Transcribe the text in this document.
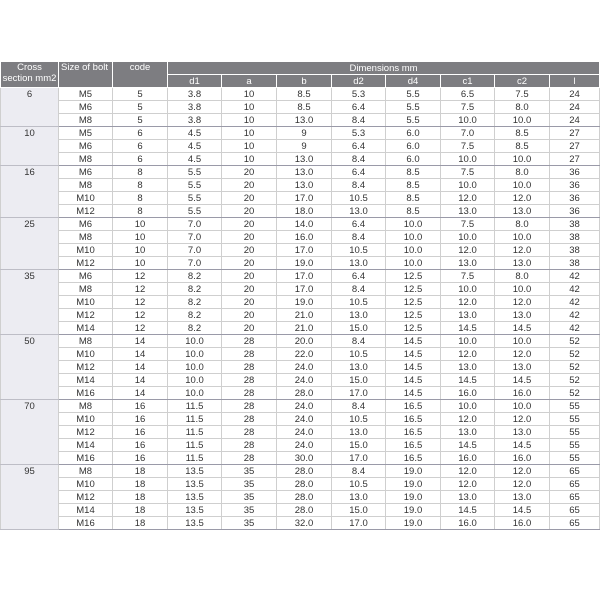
Cross section mm2	Size of bolt	code	Dimensions mm							
			d1	a	b	d2	d4	c1	c2	l
6	M5	5	3.8	10	8.5	5.3	5.5	6.5	7.5	24
	M6	5	3.8	10	8.5	6.4	5.5	7.5	8.0	24
	M8	5	3.8	10	13.0	8.4	5.5	10.0	10.0	24
10	M5	6	4.5	10	9	5.3	6.0	7.0	8.5	27
	M6	6	4.5	10	9	6.4	6.0	7.5	8.5	27
	M8	6	4.5	10	13.0	8.4	6.0	10.0	10.0	27
16	M6	8	5.5	20	13.0	6.4	8.5	7.5	8.0	36
	M8	8	5.5	20	13.0	8.4	8.5	10.0	10.0	36
	M10	8	5.5	20	17.0	10.5	8.5	12.0	12.0	36
	M12	8	5.5	20	18.0	13.0	8.5	13.0	13.0	36
25	M6	10	7.0	20	14.0	6.4	10.0	7.5	8.0	38
	M8	10	7.0	20	16.0	8.4	10.0	10.0	10.0	38
	M10	10	7.0	20	17.0	10.5	10.0	12.0	12.0	38
	M12	10	7.0	20	19.0	13.0	10.0	13.0	13.0	38
35	M6	12	8.2	20	17.0	6.4	12.5	7.5	8.0	42
	M8	12	8.2	20	17.0	8.4	12.5	10.0	10.0	42
	M10	12	8.2	20	19.0	10.5	12.5	12.0	12.0	42
	M12	12	8.2	20	21.0	13.0	12.5	13.0	13.0	42
	M14	12	8.2	20	21.0	15.0	12.5	14.5	14.5	42
50	M8	14	10.0	28	20.0	8.4	14.5	10.0	10.0	52
	M10	14	10.0	28	22.0	10.5	14.5	12.0	12.0	52
	M12	14	10.0	28	24.0	13.0	14.5	13.0	13.0	52
	M14	14	10.0	28	24.0	15.0	14.5	14.5	14.5	52
	M16	14	10.0	28	28.0	17.0	14.5	16.0	16.0	52
70	M8	16	11.5	28	24.0	8.4	16.5	10.0	10.0	55
	M10	16	11.5	28	24.0	10.5	16.5	12.0	12.0	55
	M12	16	11.5	28	24.0	13.0	16.5	13.0	13.0	55
	M14	16	11.5	28	24.0	15.0	16.5	14.5	14.5	55
	M16	16	11.5	28	30.0	17.0	16.5	16.0	16.0	55
95	M8	18	13.5	35	28.0	8.4	19.0	12.0	12.0	65
	M10	18	13.5	35	28.0	10.5	19.0	12.0	12.0	65
	M12	18	13.5	35	28.0	13.0	19.0	13.0	13.0	65
	M14	18	13.5	35	28.0	15.0	19.0	14.5	14.5	65
	M16	18	13.5	35	32.0	17.0	19.0	16.0	16.0	65
